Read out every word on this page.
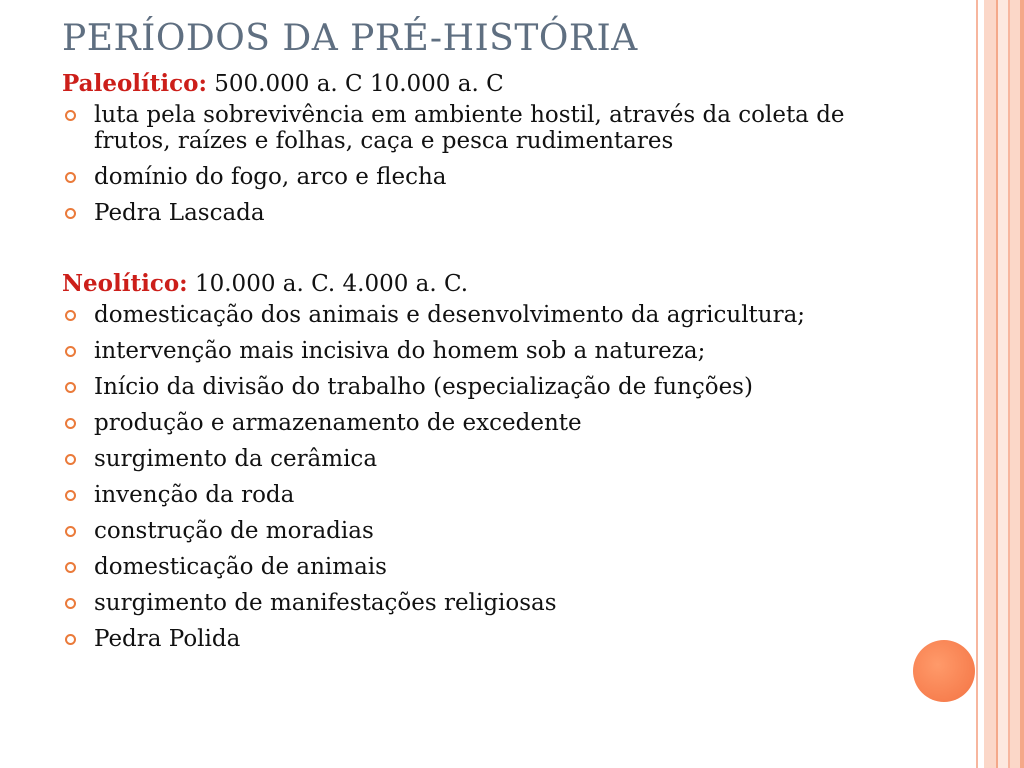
PERÍODOS DA PRÉ-HISTÓRIA

Paleolítico: 500.000 a. C 10.000 a. C

luta pela sobrevivência em ambiente hostil, através da coleta de frutos, raízes e folhas, caça e pesca rudimentares
domínio do fogo, arco e flecha
Pedra Lascada

Neolítico: 10.000 a. C. 4.000 a. C.

domesticação dos animais e desenvolvimento da agricultura;
intervenção mais incisiva do homem sob a natureza;
Início da divisão do trabalho (especialização de funções)
produção e armazenamento de excedente
surgimento da cerâmica
invenção da roda
construção de moradias
domesticação de animais
surgimento de manifestações religiosas
Pedra Polida
